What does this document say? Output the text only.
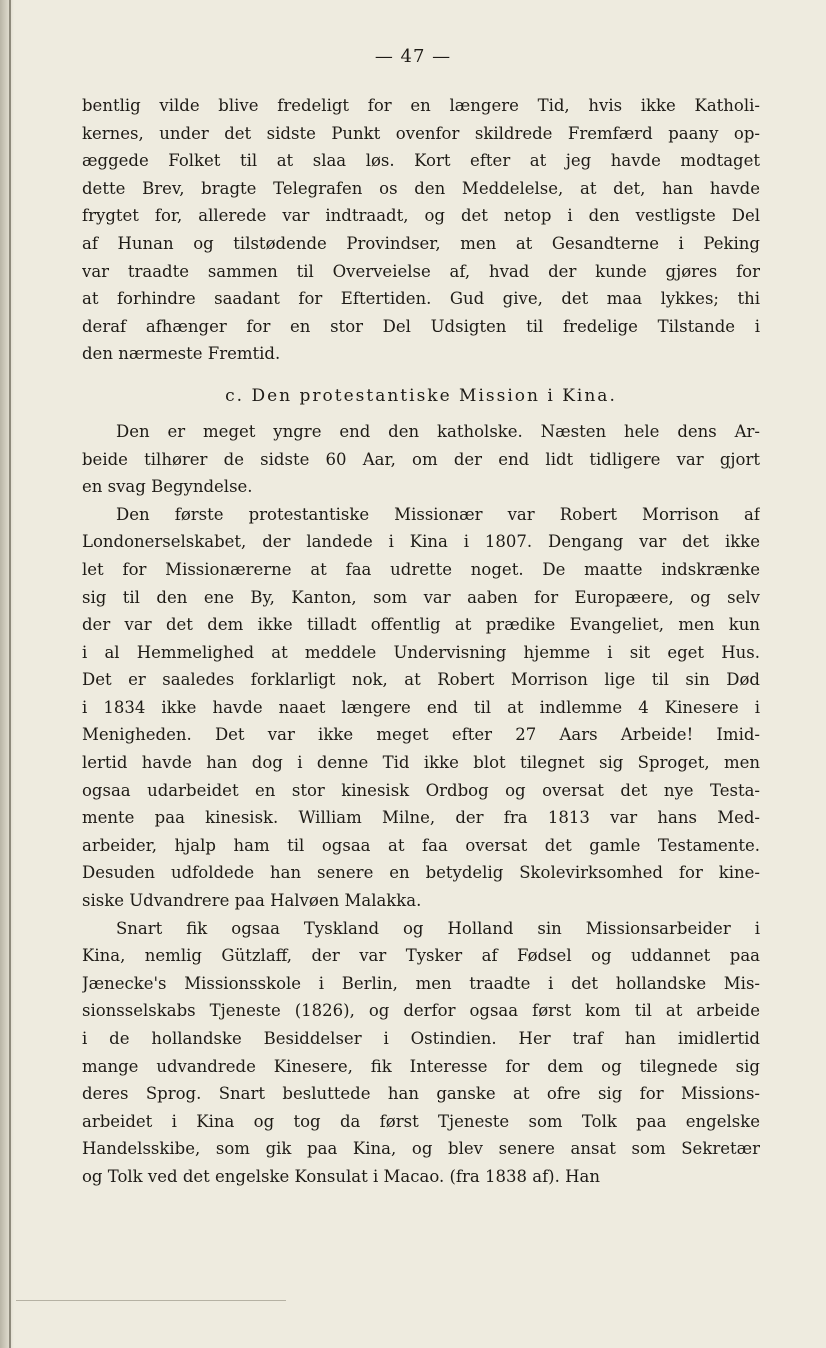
— 47 —
bentlig vilde blive fredeligt for en længere Tid, hvis ikke Katholi-
kernes, under det sidste Punkt ovenfor skildrede Fremfærd paany op-
æggede Folket til at slaa løs. Kort efter at jeg havde modtaget
dette Brev, bragte Telegrafen os den Meddelelse, at det, han havde
frygtet for, allerede var indtraadt, og det netop i den vestligste Del
af Hunan og tilstødende Provindser, men at Gesandterne i Peking
var traadte sammen til Overveielse af, hvad der kunde gjøres for
at forhindre saadant for Eftertiden. Gud give, det maa lykkes; thi
deraf afhænger for en stor Del Udsigten til fredelige Tilstande i
den nærmeste Fremtid.
c. Den protestantiske Mission i Kina.
Den er meget yngre end den katholske. Næsten hele dens Ar-
beide tilhører de sidste 60 Aar, om der end lidt tidligere var gjort
en svag Begyndelse.
Den første protestantiske Missionær var Robert Morrison af
Londonerselskabet, der landede i Kina i 1807. Dengang var det ikke
let for Missionærerne at faa udrette noget. De maatte indskrænke
sig til den ene By, Kanton, som var aaben for Europæere, og selv
der var det dem ikke tilladt offentlig at prædike Evangeliet, men kun
i al Hemmelighed at meddele Undervisning hjemme i sit eget Hus.
Det er saaledes forklarligt nok, at Robert Morrison lige til sin Død
i 1834 ikke havde naaet længere end til at indlemme 4 Kinesere i
Menigheden. Det var ikke meget efter 27 Aars Arbeide! Imid-
lertid havde han dog i denne Tid ikke blot tilegnet sig Sproget, men
ogsaa udarbeidet en stor kinesisk Ordbog og oversat det nye Testa-
mente paa kinesisk. William Milne, der fra 1813 var hans Med-
arbeider, hjalp ham til ogsaa at faa oversat det gamle Testamente.
Desuden udfoldede han senere en betydelig Skolevirksomhed for kine-
siske Udvandrere paa Halvøen Malakka.
Snart fik ogsaa Tyskland og Holland sin Missionsarbeider i
Kina, nemlig Gützlaff, der var Tysker af Fødsel og uddannet paa
Jænecke's Missionsskole i Berlin, men traadte i det hollandske Mis-
sionsselskabs Tjeneste (1826), og derfor ogsaa først kom til at arbeide
i de hollandske Besiddelser i Ostindien. Her traf han imidlertid
mange udvandrede Kinesere, fik Interesse for dem og tilegnede sig
deres Sprog. Snart besluttede han ganske at ofre sig for Missions-
arbeidet i Kina og tog da først Tjeneste som Tolk paa engelske
Handelsskibe, som gik paa Kina, og blev senere ansat som Sekretær
og Tolk ved det engelske Konsulat i Macao. (fra 1838 af). Han
